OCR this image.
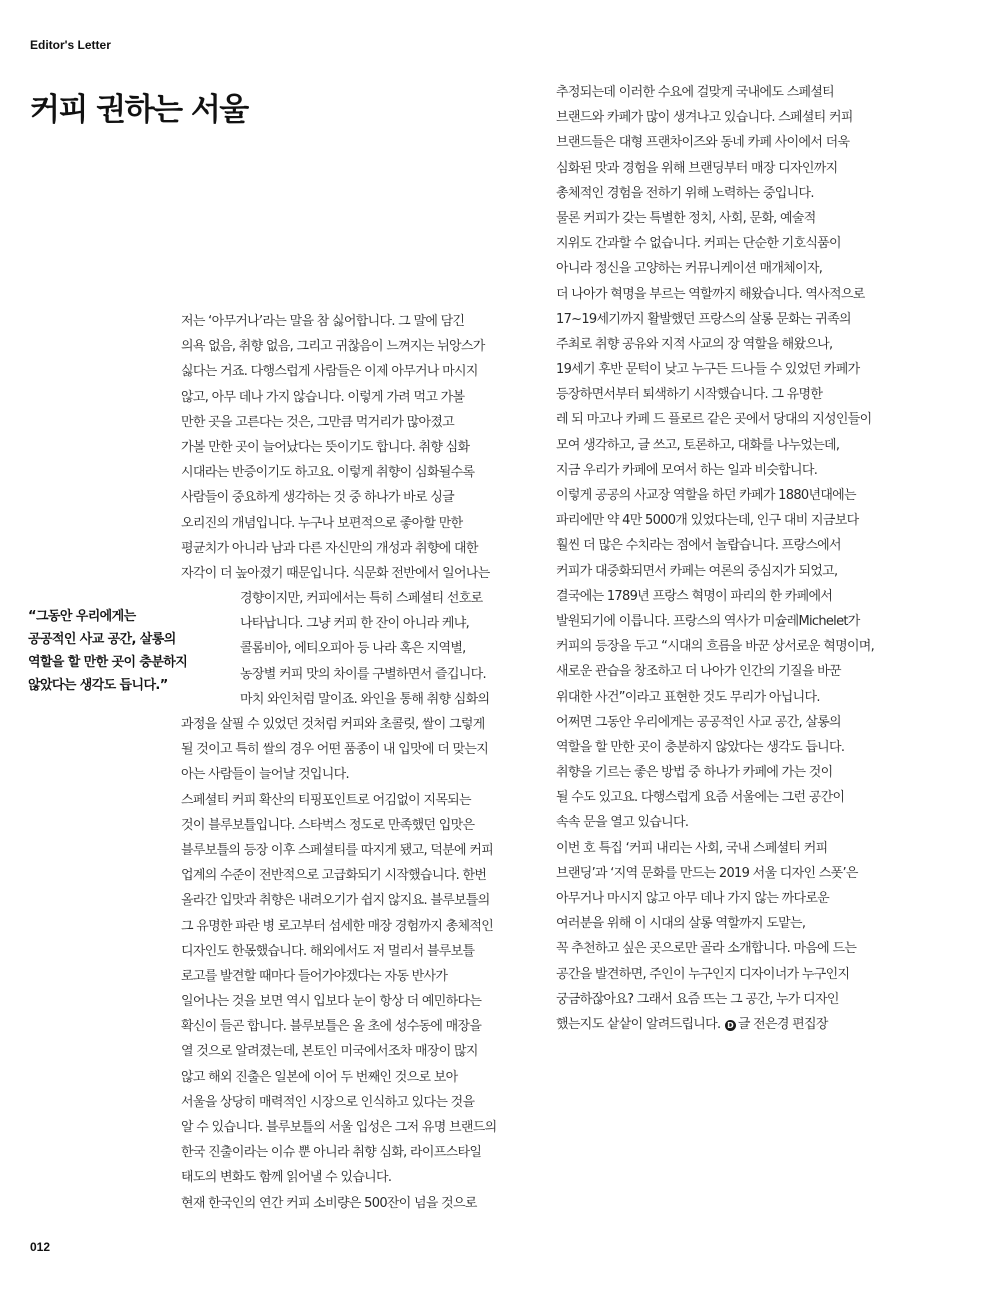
Editor's Letter
커피 권하는 서울
“그동안 우리에게는
공공적인 사교 공간, 살롱의
역할을 할 만한 곳이 충분하지
않았다는 생각도 듭니다.”
저는 ‘아무거나’라는 말을 참 싫어합니다. 그 말에 담긴
의욕 없음, 취향 없음, 그리고 귀찮음이 느껴지는 뉘앙스가
싫다는 거죠. 다행스럽게 사람들은 이제 아무거나 마시지
않고, 아무 데나 가지 않습니다. 이렇게 가려 먹고 가볼
만한 곳을 고른다는 것은, 그만큼 먹거리가 많아졌고
가볼 만한 곳이 늘어났다는 뜻이기도 합니다. 취향 심화
시대라는 반증이기도 하고요. 이렇게 취향이 심화될수록
사람들이 중요하게 생각하는 것 중 하나가 바로 싱글
오리진의 개념입니다. 누구나 보편적으로 좋아할 만한
평균치가 아니라 남과 다른 자신만의 개성과 취향에 대한
자각이 더 높아졌기 때문입니다. 식문화 전반에서 일어나는
경향이지만, 커피에서는 특히 스페셜티 선호로
나타납니다. 그냥 커피 한 잔이 아니라 케냐,
콜롬비아, 에티오피아 등 나라 혹은 지역별,
농장별 커피 맛의 차이를 구별하면서 즐깁니다.
마치 와인처럼 말이죠. 와인을 통해 취향 심화의
과정을 살필 수 있었던 것처럼 커피와 초콜릿, 쌀이 그렇게
될 것이고 특히 쌀의 경우 어떤 품종이 내 입맛에 더 맞는지
아는 사람들이 늘어날 것입니다.
스페셜티 커피 확산의 티핑포인트로 어김없이 지목되는
것이 블루보틀입니다. 스타벅스 정도로 만족했던 입맛은
블루보틀의 등장 이후 스페셜티를 따지게 됐고, 덕분에 커피
업계의 수준이 전반적으로 고급화되기 시작했습니다. 한번
올라간 입맛과 취향은 내려오기가 쉽지 않지요. 블루보틀의
그 유명한 파란 병 로고부터 섬세한 매장 경험까지 총체적인
디자인도 한몫했습니다. 해외에서도 저 멀리서 블루보틀
로고를 발견할 때마다 들어가야겠다는 자동 반사가
일어나는 것을 보면 역시 입보다 눈이 항상 더 예민하다는
확신이 들곤 합니다. 블루보틀은 올 초에 성수동에 매장을
열 것으로 알려졌는데, 본토인 미국에서조차 매장이 많지
않고 해외 진출은 일본에 이어 두 번째인 것으로 보아
서울을 상당히 매력적인 시장으로 인식하고 있다는 것을
알 수 있습니다. 블루보틀의 서울 입성은 그저 유명 브랜드의
한국 진출이라는 이슈 뿐 아니라 취향 심화, 라이프스타일
태도의 변화도 함께 읽어낼 수 있습니다.
현재 한국인의 연간 커피 소비량은 500잔이 넘을 것으로
추정되는데 이러한 수요에 걸맞게 국내에도 스페셜티
브랜드와 카페가 많이 생겨나고 있습니다. 스페셜티 커피
브랜드들은 대형 프랜차이즈와 동네 카페 사이에서 더욱
심화된 맛과 경험을 위해 브랜딩부터 매장 디자인까지
총체적인 경험을 전하기 위해 노력하는 중입니다.
물론 커피가 갖는 특별한 정치, 사회, 문화, 예술적
지위도 간과할 수 없습니다. 커피는 단순한 기호식품이
아니라 정신을 고양하는 커뮤니케이션 매개체이자,
더 나아가 혁명을 부르는 역할까지 해왔습니다. 역사적으로
17~19세기까지 활발했던 프랑스의 살롱 문화는 귀족의
주최로 취향 공유와 지적 사교의 장 역할을 해왔으나,
19세기 후반 문턱이 낮고 누구든 드나들 수 있었던 카페가
등장하면서부터 퇴색하기 시작했습니다. 그 유명한
레 되 마고나 카페 드 플로르 같은 곳에서 당대의 지성인들이
모여 생각하고, 글 쓰고, 토론하고, 대화를 나누었는데,
지금 우리가 카페에 모여서 하는 일과 비슷합니다.
이렇게 공공의 사교장 역할을 하던 카페가 1880년대에는
파리에만 약 4만 5000개 있었다는데, 인구 대비 지금보다
훨씬 더 많은 수치라는 점에서 놀랍습니다. 프랑스에서
커피가 대중화되면서 카페는 여론의 중심지가 되었고,
결국에는 1789년 프랑스 혁명이 파리의 한 카페에서
발원되기에 이릅니다. 프랑스의 역사가 미슐레Michelet가
커피의 등장을 두고 “시대의 흐름을 바꾼 상서로운 혁명이며,
새로운 관습을 창조하고 더 나아가 인간의 기질을 바꾼
위대한 사건”이라고 표현한 것도 무리가 아닙니다.
어쩌면 그동안 우리에게는 공공적인 사교 공간, 살롱의
역할을 할 만한 곳이 충분하지 않았다는 생각도 듭니다.
취향을 기르는 좋은 방법 중 하나가 카페에 가는 것이
될 수도 있고요. 다행스럽게 요즘 서울에는 그런 공간이
속속 문을 열고 있습니다.
이번 호 특집 ‘커피 내리는 사회, 국내 스페셜티 커피
브랜딩’과 ‘지역 문화를 만드는 2019 서울 디자인 스폿’은
아무거나 마시지 않고 아무 데나 가지 않는 까다로운
여러분을 위해 이 시대의 살롱 역할까지 도맡는,
꼭 추천하고 싶은 곳으로만 골라 소개합니다. 마음에 드는
공간을 발견하면, 주인이 누구인지 디자이너가 누구인지
궁금하잖아요? 그래서 요즘 뜨는 그 공간, 누가 디자인
했는지도 샅샅이 알려드립니다. D 글 전은경 편집장
012
